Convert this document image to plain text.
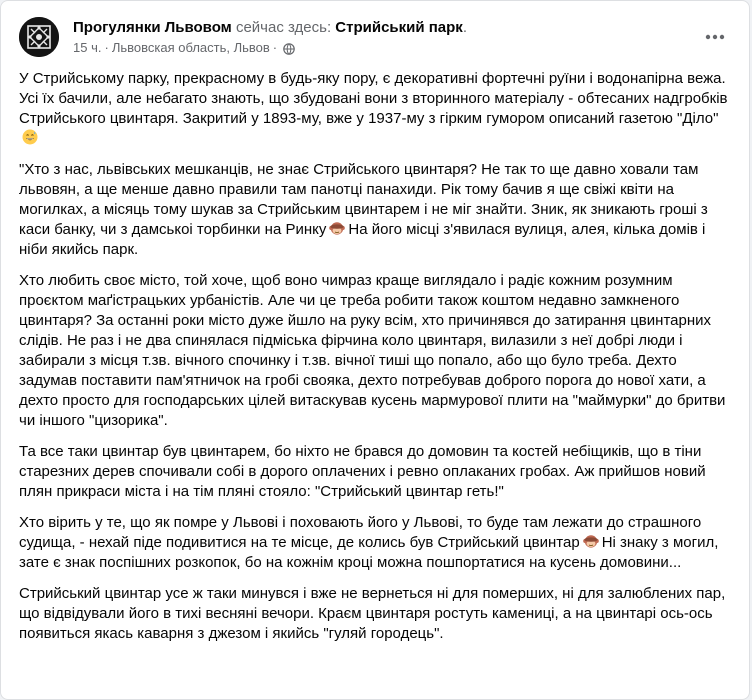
Прогулянки Львовом сейчас здесь: Стрийський парк.
15 ч. · Львовская область, Львов ·

У Стрийському парку, прекрасному в будь-яку пору, є декоративні фортечні руїни і водонапірна вежа. Усі їх бачили, але небагато знають, що збудовані вони з вторинного матеріалу - обтесаних надгробків Стрийського цвинтаря. Закритий у 1893-му, вже у 1937-му з гірким гумором описаний газетою "Діло"

"Хто з нас, львівських мешканців, не знає Стрийського цвинтаря? Не так то ще давно ховали там львовян, а ще менше давно правили там панотці панахиди. Рік тому бачив я ще свіжі квіти на могилках, а місяць тому шукав за Стрийським цвинтарем і не міг знайти. Зник, як зникають гроші з каси банку, чи з дамськоі торбинки на Ринку На його місці з'явилася вулиця, алея, кілька домів і ніби якийсь парк.

Хто любить своє місто, той хоче, щоб воно чимраз краще виглядало і радіє кожним розумним проєктом маґістрацьких урбаністів. Але чи це треба робити також коштом недавно замкненого цвинтаря? За останні роки місто дуже йшло на руку всім, хто причинявся до затирання цвинтарних слідів. Не раз і не два спинялася підміська фірчина коло цвинтаря, вилазили з неї добрі люди і забирали з місця т.зв. вічного спочинку і т.зв. вічної тиші що попало, або що було треба. Дехто задумав поставити пам'ятничок на гробі свояка, дехто потребував доброго порога до нової хати, а дехто просто для господарських цілей витаскував кусень мармурової плити на "маймурки" до бритви чи іншого "цизорика".

Та все таки цвинтар був цвинтарем, бо ніхто не брався до домовин та костей небіщиків, що в тіни старезних дерев спочивали собі в дорого оплачених і ревно оплаканих гробах. Аж прийшов новий плян прикраси міста і на тім пляні стояло: "Стрийський цвинтар геть!"

Хто вірить у те, що як помре у Львові і поховають його у Львові, то буде там лежати до страшного судища, - нехай піде подивитися на те місце, де колись був Стрийський цвинтар Ні знаку з могил, зате є знак поспішних розкопок, бо на кожнім кроці можна пошпортатися на кусень домовини...

Стрийський цвинтар усе ж таки минувся і вже не вернеться ні для померших, ні для залюблених пар, що відвідували його в тихі весняні вечори. Краєм цвинтаря ростуть камениці, а на цвинтарі ось-ось появиться якась каварня з джезом і якийсь "гуляй городець".
